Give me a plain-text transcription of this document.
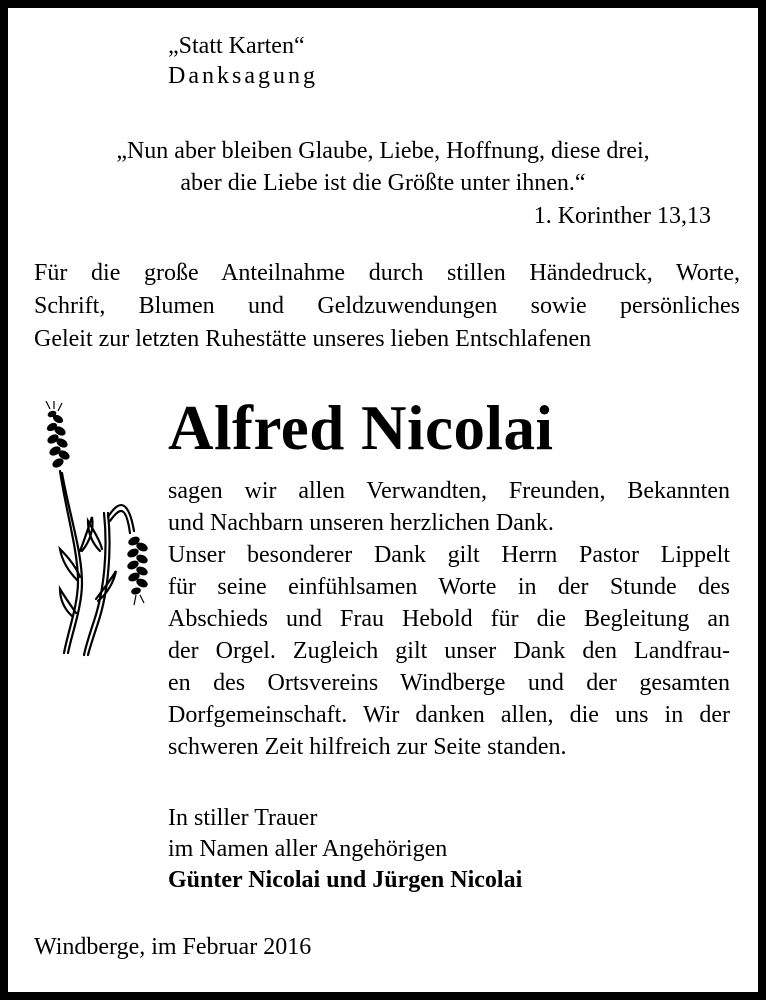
„Statt Karten“

Danksagung

„Nun aber bleiben Glaube, Liebe, Hoffnung, diese drei,

aber die Liebe ist die Größte unter ihnen.“

1. Korinther 13,13

Für die große Anteilnahme durch stillen Händedruck, Worte,
Schrift, Blumen und Geldzuwendungen sowie persönliches
Geleit zur letzten Ruhestätte unseres lieben Entschlafenen

Alfred Nicolai

sagen wir allen Verwandten, Freunden, Bekannten
und Nachbarn unseren herzlichen Dank.
Unser besonderer Dank gilt Herrn Pastor Lippelt
für seine einfühlsamen Worte in der Stunde des
Abschieds und Frau Hebold für die Begleitung an
der Orgel. Zugleich gilt unser Dank den Landfrau-
en des Ortsvereins Windberge und der gesamten
Dorfgemeinschaft. Wir danken allen, die uns in der
schweren Zeit hilfreich zur Seite standen.

In stiller Trauer

im Namen aller Angehörigen

Günter Nicolai und Jürgen Nicolai

Windberge, im Februar 2016
